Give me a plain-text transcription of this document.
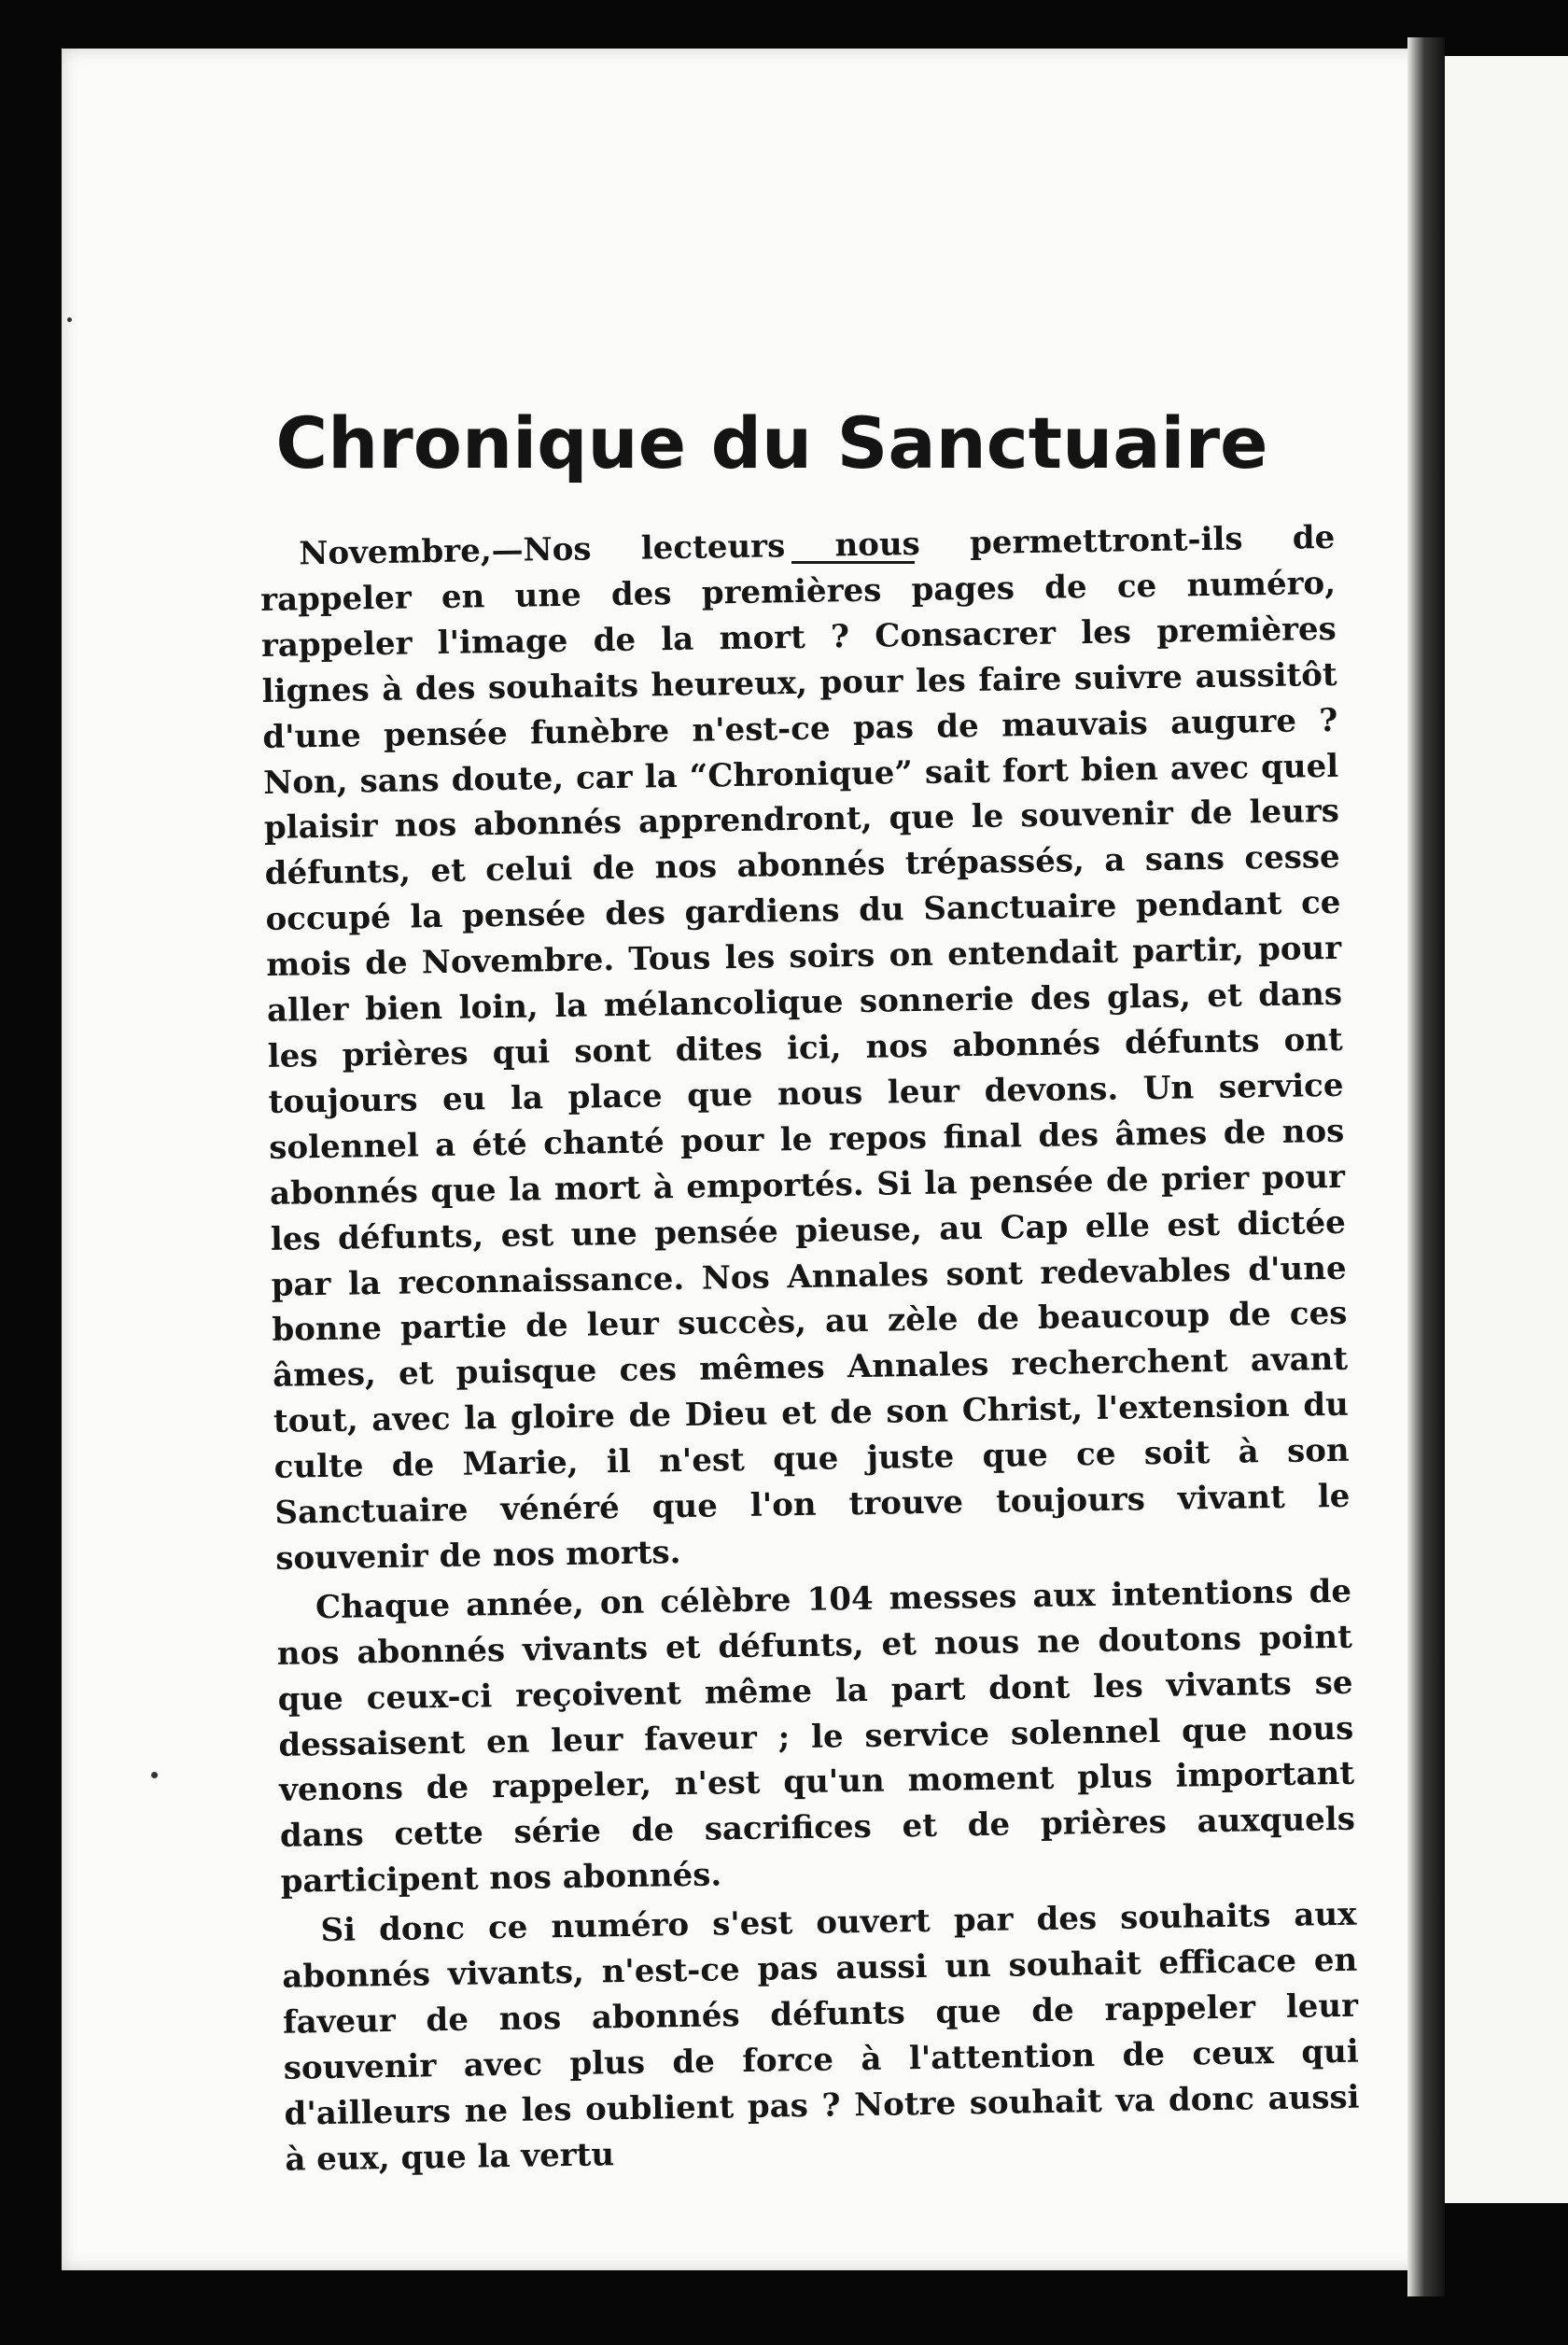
Chronique du Sanctuaire

Novembre,—Nos lecteurs nous permettront-ils de rappeler en une des premières pages de ce numéro, rappeler l'image de la mort ? Consacrer les premières lignes à des souhaits heureux, pour les faire suivre aussitôt d'une pensée funèbre n'est-ce pas de mauvais augure ? Non, sans doute, car la “Chronique” sait fort bien avec quel plaisir nos abonnés apprendront, que le souvenir de leurs défunts, et celui de nos abonnés trépassés, a sans cesse occupé la pensée des gardiens du Sanctuaire pendant ce mois de Novembre. Tous les soirs on entendait partir, pour aller bien loin, la mélancolique sonnerie des glas, et dans les prières qui sont dites ici, nos abonnés défunts ont toujours eu la place que nous leur devons. Un service solennel a été chanté pour le repos final des âmes de nos abonnés que la mort à emportés. Si la pensée de prier pour les défunts, est une pensée pieuse, au Cap elle est dictée par la reconnaissance. Nos Annales sont redevables d'une bonne partie de leur succès, au zèle de beaucoup de ces âmes, et puisque ces mêmes Annales recherchent avant tout, avec la gloire de Dieu et de son Christ, l'extension du culte de Marie, il n'est que juste que ce soit à son Sanctuaire vénéré que l'on trouve toujours vivant le souvenir de nos morts.

Chaque année, on célèbre 104 messes aux intentions de nos abonnés vivants et défunts, et nous ne doutons point que ceux-ci reçoivent même la part dont les vivants se dessaisent en leur faveur ; le service solennel que nous venons de rappeler, n'est qu'un moment plus important dans cette série de sacrifices et de prières auxquels participent nos abonnés.

Si donc ce numéro s'est ouvert par des souhaits aux abonnés vivants, n'est-ce pas aussi un souhait efficace en faveur de nos abonnés défunts que de rappeler leur souvenir avec plus de force à l'attention de ceux qui d'ailleurs ne les oublient pas ? Notre souhait va donc aussi à eux, que la vertu
